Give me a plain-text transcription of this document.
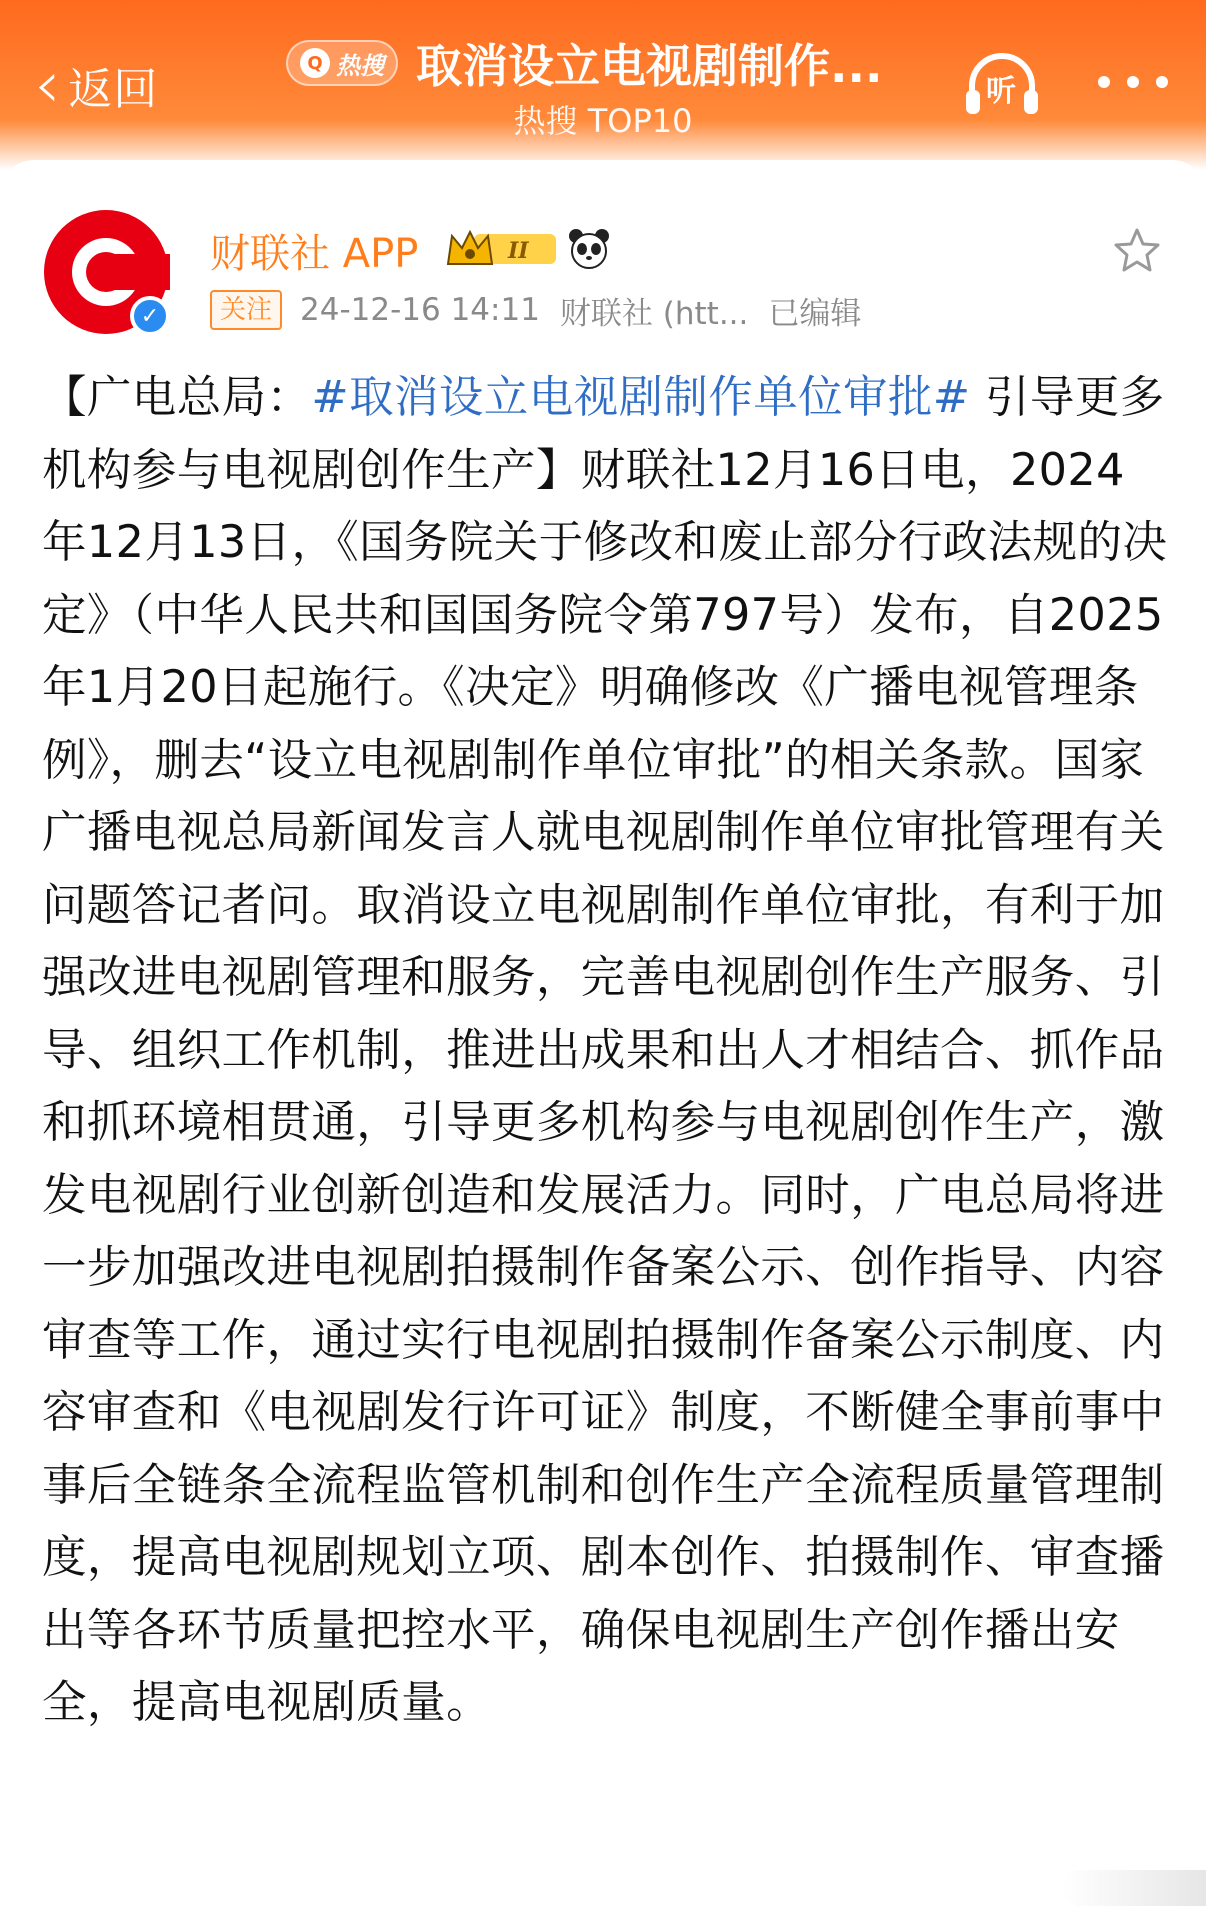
‹ 返回
Q 热搜 取消设立电视剧制作...
热搜 TOP10
听
✓
财联社 APP	II
关注 24-12-16 14:11 财联社 (htt... 已编辑
【广电总局：#取消设立电视剧制作单位审批# 引导更多机构参与电视剧创作生产】财联社12月16日电，2024年12月13日，《国务院关于修改和废止部分行政法规的决定》（中华人民共和国国务院令第797号）发布，自2025年1月20日起施行。《决定》明确修改《广播电视管理条例》，删去“设立电视剧制作单位审批”的相关条款。国家广播电视总局新闻发言人就电视剧制作单位审批管理有关问题答记者问。取消设立电视剧制作单位审批，有利于加强改进电视剧管理和服务，完善电视剧创作生产服务、引导、组织工作机制，推进出成果和出人才相结合、抓作品和抓环境相贯通，引导更多机构参与电视剧创作生产，激发电视剧行业创新创造和发展活力。同时，广电总局将进一步加强改进电视剧拍摄制作备案公示、创作指导、内容审查等工作，通过实行电视剧拍摄制作备案公示制度、内容审查和《电视剧发行许可证》制度，不断健全事前事中事后全链条全流程监管机制和创作生产全流程质量管理制度，提高电视剧规划立项、剧本创作、拍摄制作、审查播出等各环节质量把控水平，确保电视剧生产创作播出安全，提高电视剧质量。
